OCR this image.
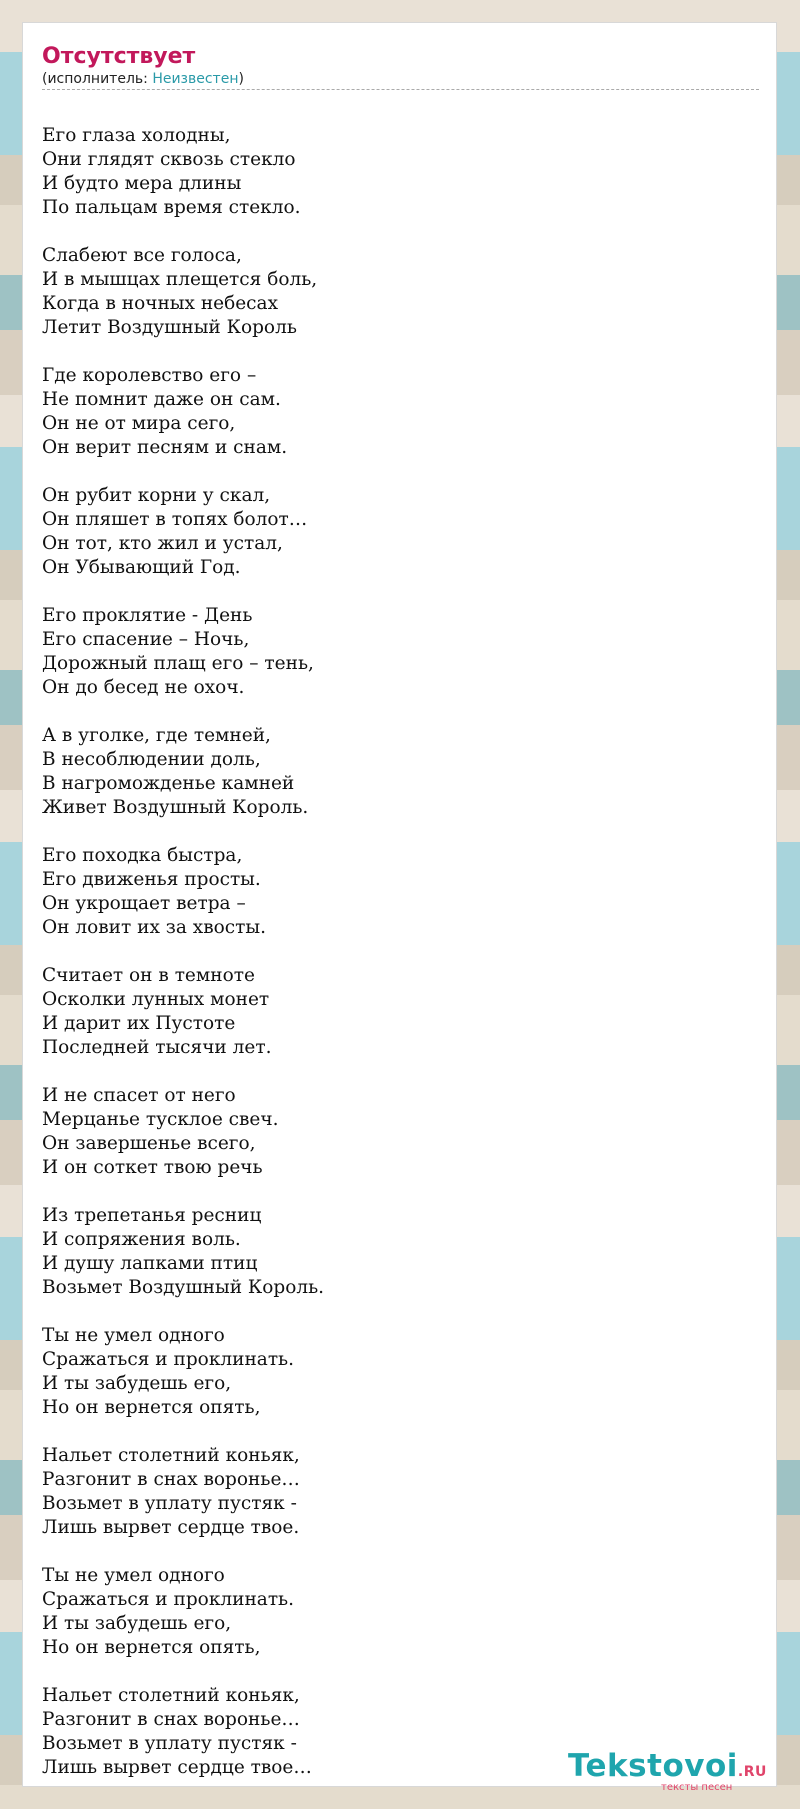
Отсутствует
(исполнитель: Неизвестен)
Его глаза холодны,
Они глядят сквозь стекло
И будто мера длины
По пальцам время стекло.
Слабеют все голоса,
И в мышцах плещется боль,
Когда в ночных небесах
Летит Воздушный Король
Где королевство его –
Не помнит даже он сам.
Он не от мира сего,
Он верит песням и снам.
Он рубит корни у скал,
Он пляшет в топях болот…
Он тот, кто жил и устал,
Он Убывающий Год.
Его проклятие - День
Его спасение – Ночь,
Дорожный плащ его – тень,
Он до бесед не охоч.
А в уголке, где темней,
В несоблюдении доль,
В нагроможденье камней
Живет Воздушный Король.
Его походка быстра,
Его движенья просты.
Он укрощает ветра –
Он ловит их за хвосты.
Считает он в темноте
Осколки лунных монет
И дарит их Пустоте
Последней тысячи лет.
И не спасет от него
Мерцанье тусклое свеч.
Он завершенье всего,
И он соткет твою речь
Из трепетанья ресниц
И сопряжения воль.
И душу лапками птиц
Возьмет Воздушный Король.
Ты не умел одного
Сражаться и проклинать.
И ты забудешь его,
Но он вернется опять,
Нальет столетний коньяк,
Разгонит в снах воронье…
Возьмет в уплату пустяк -
Лишь вырвет сердце твое.
Ты не умел одного
Сражаться и проклинать.
И ты забудешь его,
Но он вернется опять,
Нальет столетний коньяк,
Разгонит в снах воронье…
Возьмет в уплату пустяк -
Лишь вырвет сердце твое…	Tekstovoi.RU
тексты песен
